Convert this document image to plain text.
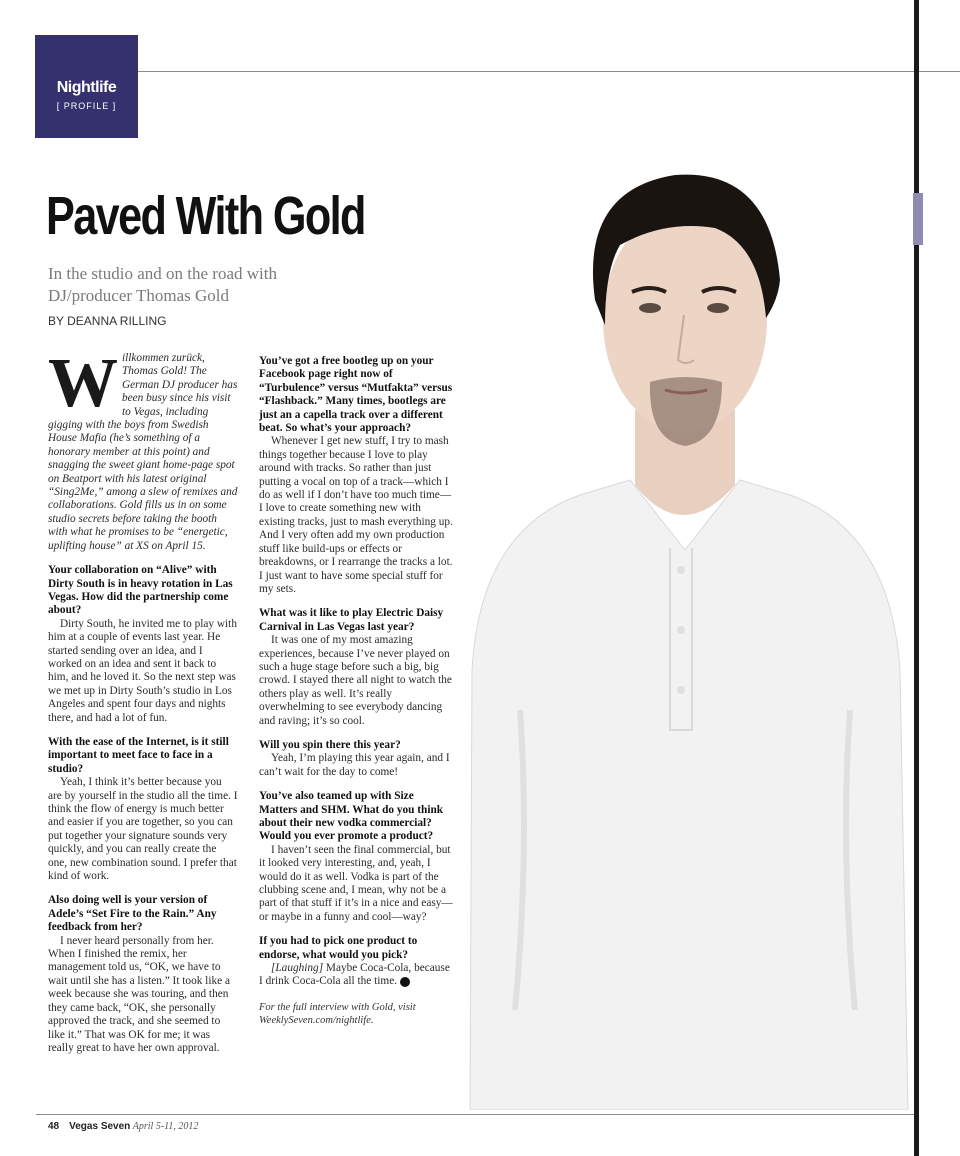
Nightlife
[ PROFILE ]
Paved With Gold
In the studio and on the road with DJ/producer Thomas Gold
BY DEANNA RILLING

Willkommen zurück, Thomas Gold! The German DJ producer has been busy since his visit to Vegas, including gigging with the boys from Swedish House Mafia (he’s something of a honorary member at this point) and snagging the sweet giant home-page spot on Beatport with his latest original “Sing2Me,” among a slew of remixes and collaborations. Gold fills us in on some studio secrets before taking the booth with what he promises to be “energetic, uplifting house” at XS on April 15.

Your collaboration on “Alive” with Dirty South is in heavy rotation in Las Vegas. How did the partnership come about?

Dirty South, he invited me to play with him at a couple of events last year. He started sending over an idea, and I worked on an idea and sent it back to him, and he loved it. So the next step was we met up in Dirty South’s studio in Los Angeles and spent four days and nights there, and had a lot of fun.

With the ease of the Internet, is it still important to meet face to face in a studio?

Yeah, I think it’s better because you are by yourself in the studio all the time. I think the flow of energy is much better and easier if you are together, so you can put together your signature sounds very quickly, and you can really create the one, new combination sound. I prefer that kind of work.

Also doing well is your version of Adele’s “Set Fire to the Rain.” Any feedback from her?

I never heard personally from her. When I finished the remix, her management told us, “OK, we have to wait until she has a listen.” It took like a week because she was touring, and then they came back, “OK, she personally approved the track, and she seemed to like it.” That was OK for me; it was really great to have her own approval.

You’ve got a free bootleg up on your Facebook page right now of “Turbulence” versus “Mutfakta” versus “Flashback.” Many times, bootlegs are just an a capella track over a different beat. So what’s your approach?

Whenever I get new stuff, I try to mash things together because I love to play around with tracks. So rather than just putting a vocal on top of a track—which I do as well if I don’t have too much time—I love to create something new with existing tracks, just to mash everything up. And I very often add my own production stuff like build-ups or effects or breakdowns, or I rearrange the tracks a lot. I just want to have some special stuff for my sets.

What was it like to play Electric Daisy Carnival in Las Vegas last year?

It was one of my most amazing experiences, because I’ve never played on such a huge stage before such a big, big crowd. I stayed there all night to watch the others play as well. It’s really overwhelming to see everybody dancing and raving; it’s so cool.

Will you spin there this year?

Yeah, I’m playing this year again, and I can’t wait for the day to come!

You’ve also teamed up with Size Matters and SHM. What do you think about their new vodka commercial? Would you ever promote a product?

I haven’t seen the final commercial, but it looked very interesting, and, yeah, I would do it as well. Vodka is part of the clubbing scene and, I mean, why not be a part of that stuff if it’s in a nice and easy—or maybe in a funny and cool—way?

If you had to pick one product to endorse, what would you pick?

[Laughing] Maybe Coca-Cola, because I drink Coca-Cola all the time. 7

For the full interview with Gold, visit WeeklySeven.com/nightlife.
48 Vegas Seven April 5-11, 2012
